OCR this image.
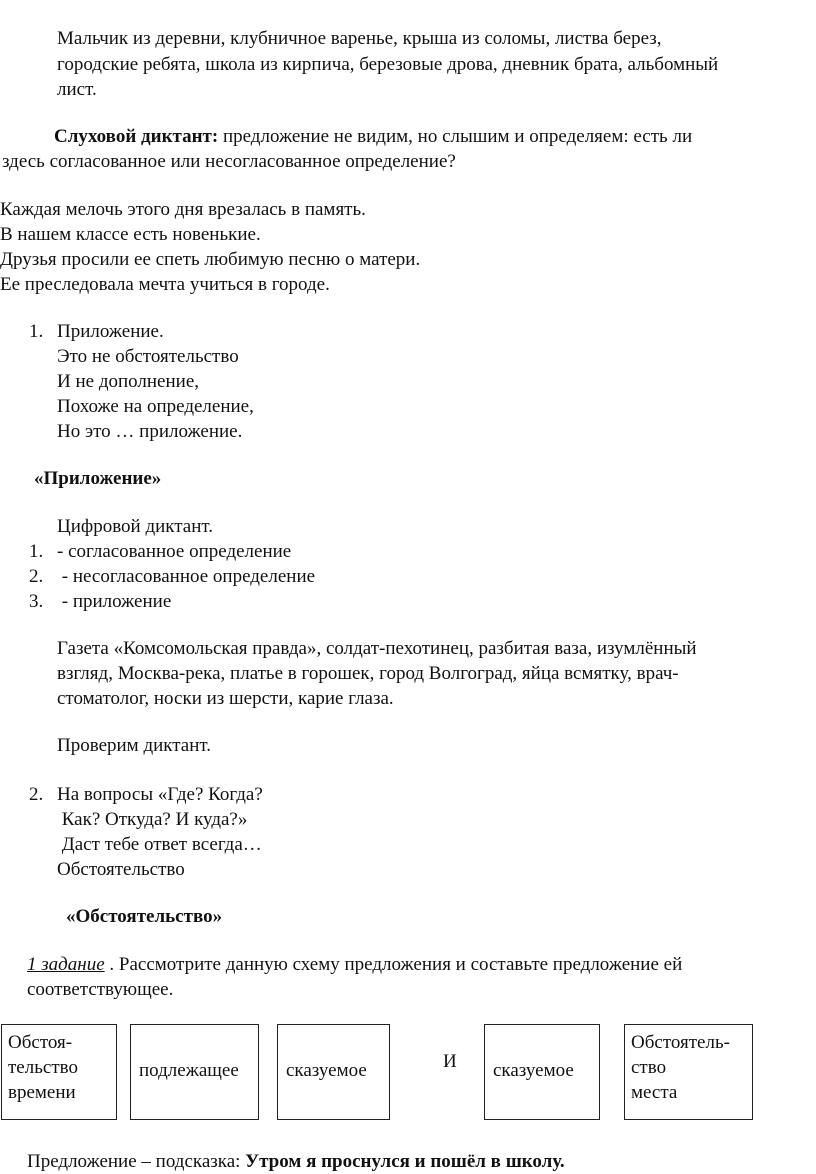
Мальчик из деревни, клубничное варенье, крыша из соломы, листва берез,
городские ребята, школа из кирпича, березовые дрова, дневник брата, альбомный
лист.
Слуховой диктант: предложение не видим, но слышим и определяем: есть ли
здесь согласованное или несогласованное определение?
Каждая мелочь этого дня врезалась в память.
В нашем классе есть новенькие.
Друзья просили ее спеть любимую песню о матери.
Ее преследовала мечта учиться в городе.
1. Приложение.
Это не обстоятельство
И не дополнение,
Похоже на определение,
Но это … приложение.
«Приложение»
Цифровой диктант.
1. - согласованное определение
2. - несогласованное определение
3. - приложение
Газета «Комсомольская правда», солдат-пехотинец, разбитая ваза, изумлённый
взгляд, Москва-река, платье в горошек, город Волгоград, яйца всмятку, врач-
стоматолог, носки из шерсти, карие глаза.
Проверим диктант.
2. На вопросы «Где? Когда?
Как? Откуда? И куда?»
Даст тебе ответ всегда…
Обстоятельство
«Обстоятельство»
1 задание . Рассмотрите данную схему предложения и составьте предложение ей
соответствующее.
Обстоя-
тельство
времени
подлежащее сказуемое	И сказуемое
Обстоятель-
ство
места
Предложение – подсказка: Утром я проснулся и пошёл в школу.
